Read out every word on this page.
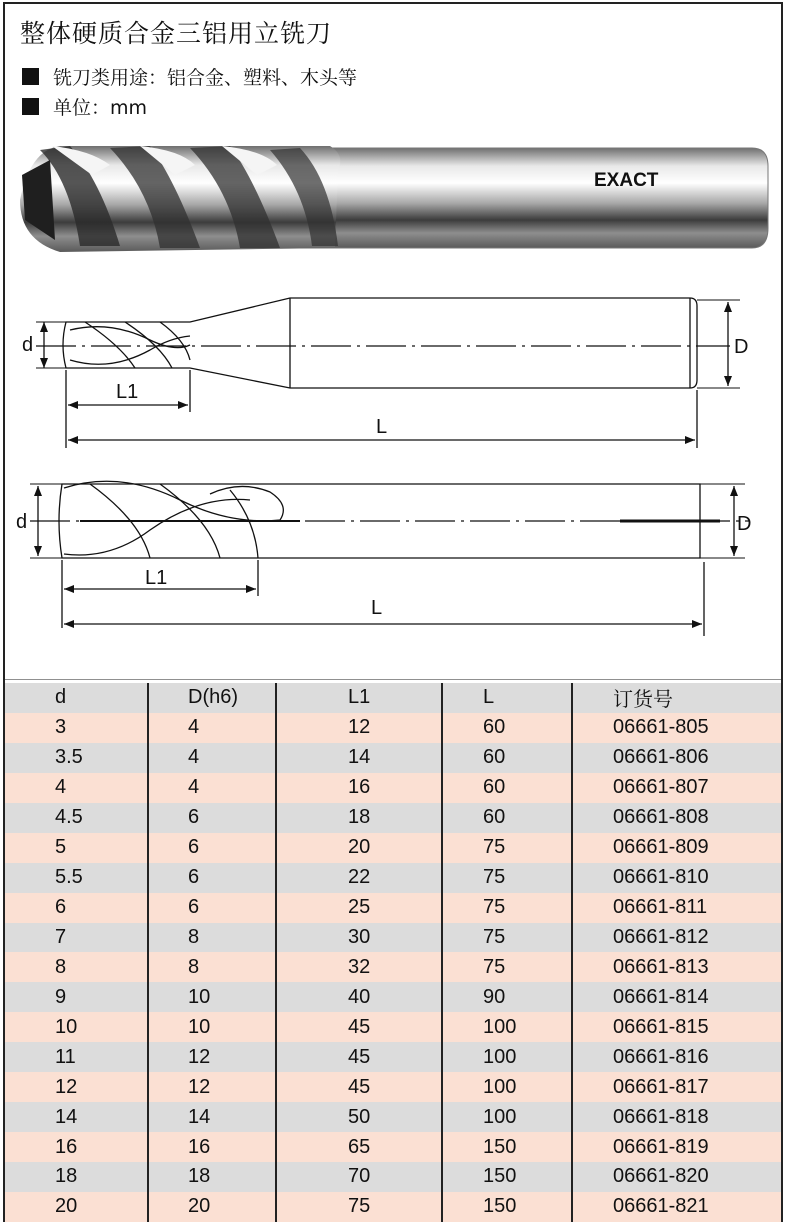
整体硬质合金三铝用立铣刀
铣刀类用途：铝合金、塑料、木头等
单位：mm
EXACT
d	D
L1
L
d	D
L1
L
d	D(h6)	L1	L	订货号
3	4	12	60	06661-805
3.5	4	14	60	06661-806
4	4	16	60	06661-807
4.5	6	18	60	06661-808
5	6	20	75	06661-809
5.5	6	22	75	06661-810
6	6	25	75	06661-811
7	8	30	75	06661-812
8	8	32	75	06661-813
9	10	40	90	06661-814
10	10	45	100	06661-815
11	12	45	100	06661-816
12	12	45	100	06661-817
14	14	50	100	06661-818
16	16	65	150	06661-819
18	18	70	150	06661-820
20	20	75	150	06661-821
